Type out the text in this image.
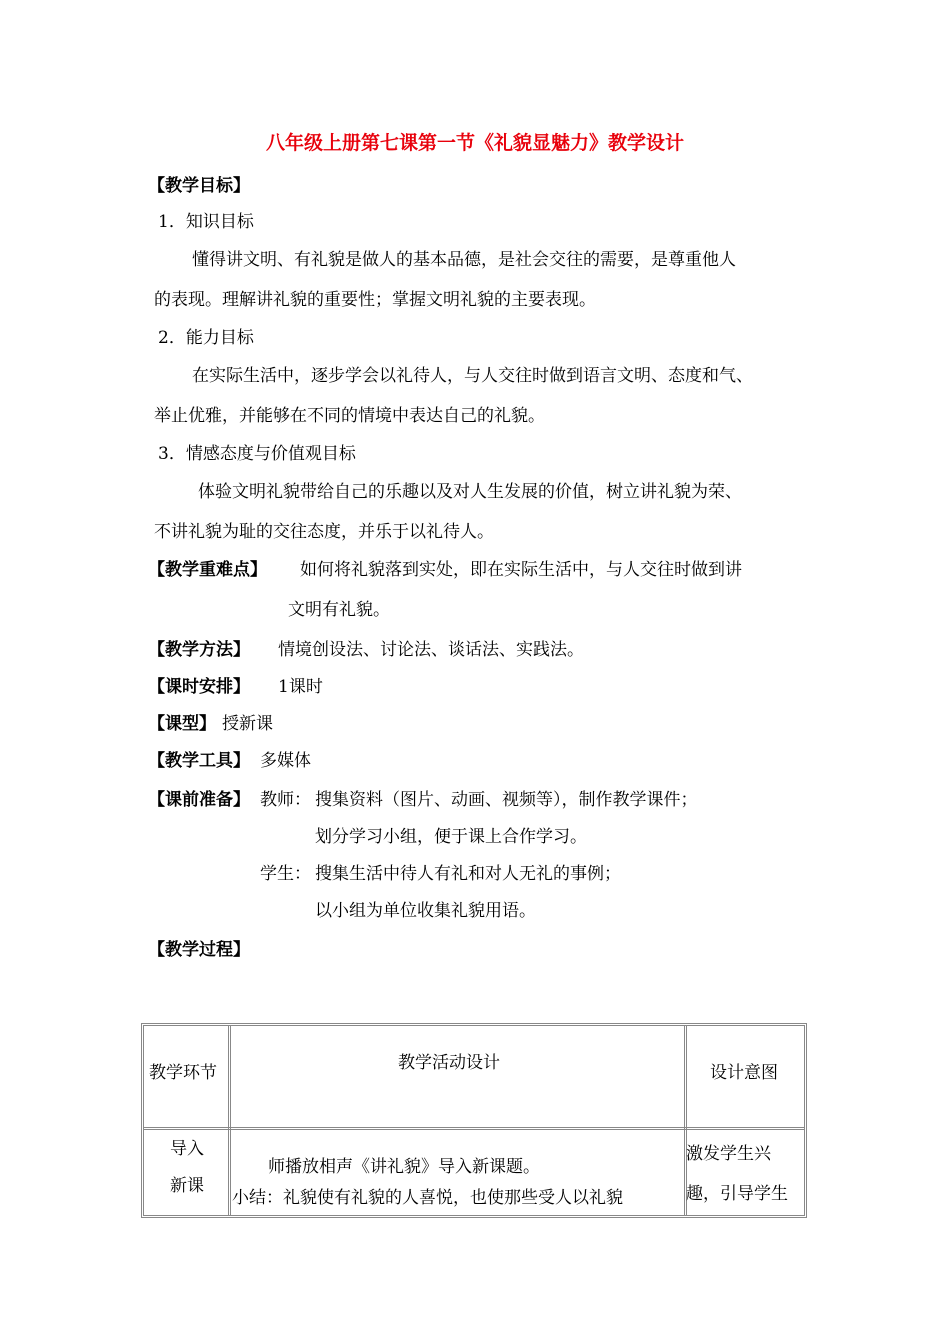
八年级上册第七课第一节《礼貌显魅力》教学设计
【教学目标】
1．知识目标
懂得讲文明、有礼貌是做人的基本品德，是社会交往的需要，是尊重他人
的表现。理解讲礼貌的重要性；掌握文明礼貌的主要表现。
2．能力目标
在实际生活中，逐步学会以礼待人，与人交往时做到语言文明、态度和气、
举止优雅，并能够在不同的情境中表达自己的礼貌。
3．情感态度与价值观目标
体验文明礼貌带给自己的乐趣以及对人生发展的价值，树立讲礼貌为荣、
不讲礼貌为耻的交往态度，并乐于以礼待人。
【教学重难点】 如何将礼貌落到实处，即在实际生活中，与人交往时做到讲
文明有礼貌。
【教学方法】 情境创设法、讨论法、谈话法、实践法。
【课时安排】 1课时
【课型】 授新课
【教学工具】 多媒体
【课前准备】 教师： 搜集资料（图片、动画、视频等），制作教学课件；
划分学习小组，便于课上合作学习。
学生： 搜集生活中待人有礼和对人无礼的事例；
以小组为单位收集礼貌用语。
【教学过程】
教学环节	教学活动设计	设计意图
导入
新课
师播放相声《讲礼貌》导入新课题。
小结：礼貌使有礼貌的人喜悦，也使那些受人以礼貌
激发学生兴
趣，引导学生
